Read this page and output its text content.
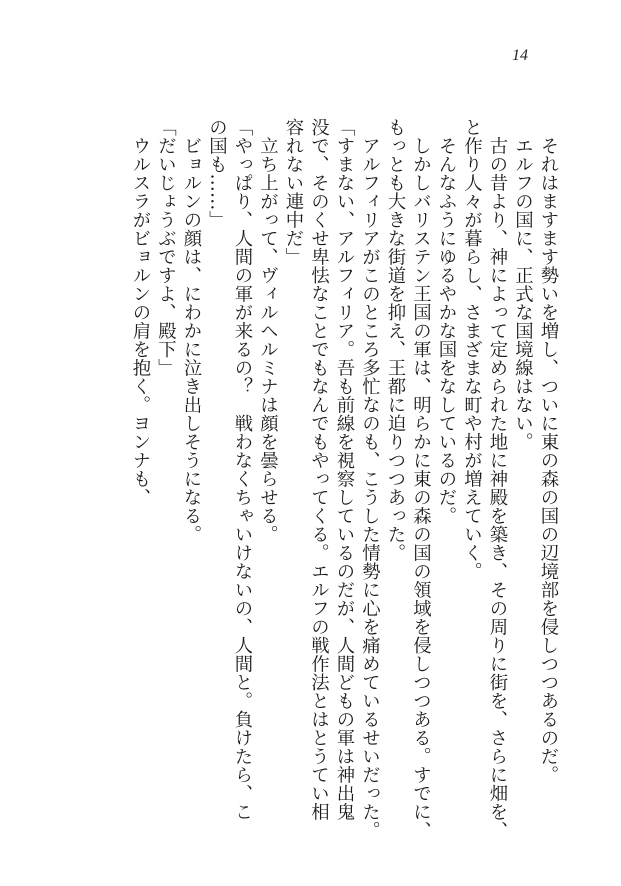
14
　それはますます勢いを増し、ついに東の森の国の辺境部を侵しつつあるのだ。
　エルフの国に、正式な国境線はない。
　古の昔より、神によって定められた地に神殿を築き、その周りに街を、さらに畑を、
と作り人々が暮らし、さまざまな町や村が増えていく。
　そんなふうにゆるやかな国をなしているのだ。
　しかしバリステン王国の軍は、明らかに東の森の国の領域を侵しつつある。すでに、
もっとも大きな街道を抑え、王都に迫りつつあった。
　アルフィリアがこのところ多忙なのも、こうした情勢に心を痛めているせいだった。
「すまない、アルフィリア。吾も前線を視察しているのだが、人間どもの軍は神出鬼
没で、そのくせ卑怯なことでもなんでもやってくる。エルフの戦作法とはとうてい相
容れない連中だ」
　立ち上がって、ヴィルヘルミナは顔を曇らせる。
「やっぱり、人間の軍が来るの？　戦わなくちゃいけないの、人間と。負けたら、こ
の国も……」
　ビョルンの顔は、にわかに泣き出しそうになる。
「だいじょうぶですよ、殿下」
　ウルスラがビョルンの肩を抱く。ヨンナも、
